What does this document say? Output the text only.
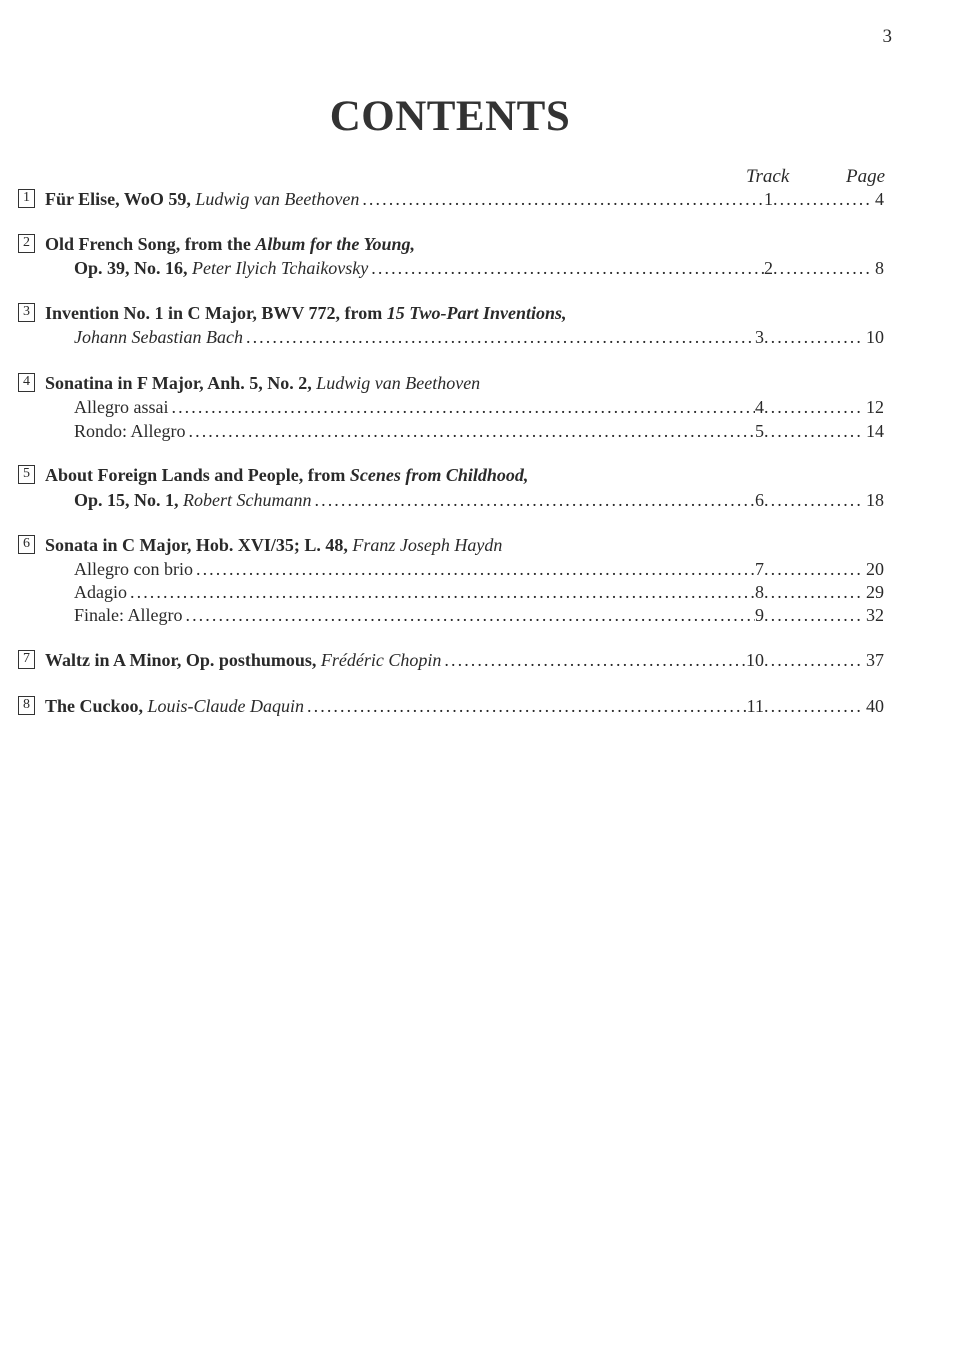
3
CONTENTS
Track	Page
1 Für Elise, WoO 59, Ludwig van Beethoven . . .	1 . . .	4
2 Old French Song, from the Album for the Young,
Op. 39, No. 16, Peter Ilyich Tchaikovsky . . .	2 . . .	8
3 Invention No. 1 in C Major, BWV 772, from 15 Two-Part Inventions,
Johann Sebastian Bach . . .	3 . . .	10
4 Sonatina in F Major, Anh. 5, No. 2, Ludwig van Beethoven
Allegro assai . . .	4 . . .	12
Rondo: Allegro . . .	5 . . .	14
5 About Foreign Lands and People, from Scenes from Childhood,
Op. 15, No. 1, Robert Schumann . . .	6 . . .	18
6 Sonata in C Major, Hob. XVI/35; L. 48, Franz Joseph Haydn
Allegro con brio . . .	7 . . .	20
Adagio . . .	8 . . .	29
Finale: Allegro . . .	9 . . .	32
7 Waltz in A Minor, Op. posthumous, Frédéric Chopin . . .	10 . . .	37
8 The Cuckoo, Louis-Claude Daquin . . .	11 . . .	40
